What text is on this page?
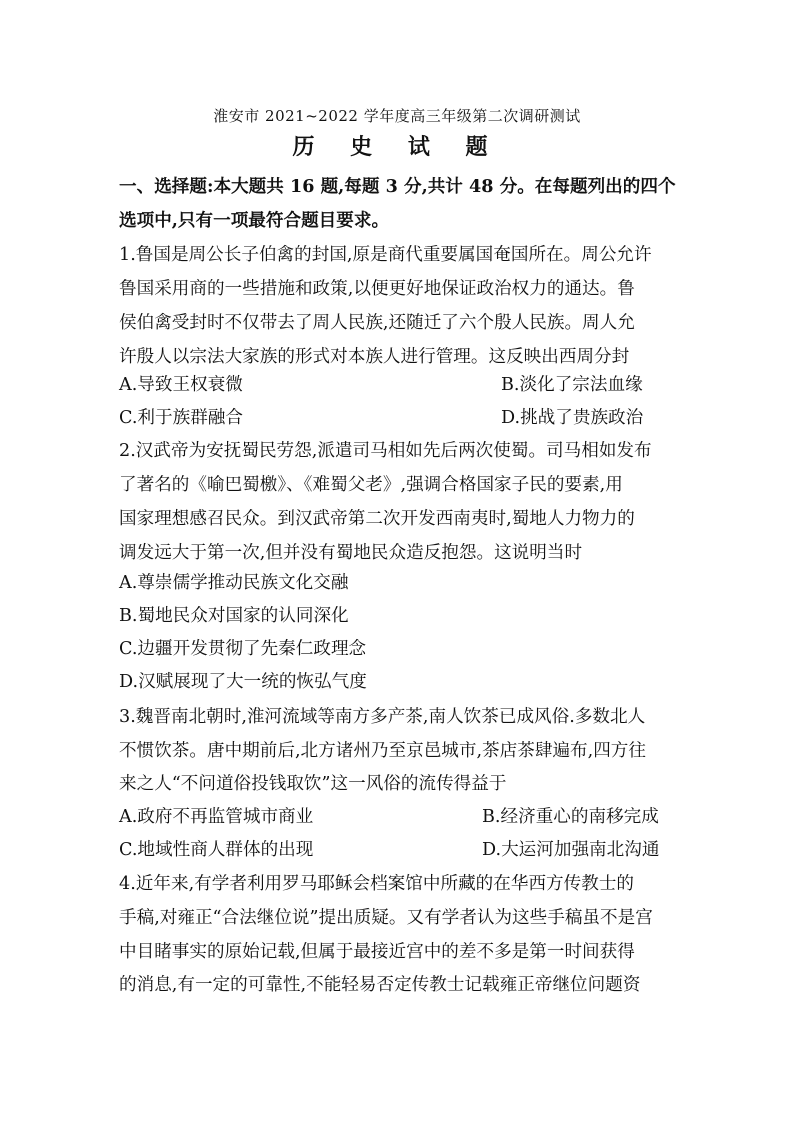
淮安市 2021~2022 学年度高三年级第二次调研测试
历 史 试 题
一、选择题:本大题共 16 题,每题 3 分,共计 48 分。在每题列出的四个
选项中,只有一项最符合题目要求。
1.鲁国是周公长子伯禽的封国,原是商代重要属国奄国所在。周公允许
鲁国采用商的一些措施和政策,以便更好地保证政治权力的通达。鲁
侯伯禽受封时不仅带去了周人民族,还随迁了六个殷人民族。周人允
许殷人以宗法大家族的形式对本族人进行管理。这反映出西周分封
A.导致王权衰微	B.淡化了宗法血缘
C.利于族群融合	D.挑战了贵族政治
2.汉武帝为安抚蜀民劳怨,派遣司马相如先后两次使蜀。司马相如发布
了著名的《喻巴蜀檄》、《难蜀父老》,强调合格国家子民的要素,用
国家理想感召民众。到汉武帝第二次开发西南夷时,蜀地人力物力的
调发远大于第一次,但并没有蜀地民众造反抱怨。这说明当时
A.尊崇儒学推动民族文化交融
B.蜀地民众对国家的认同深化
C.边疆开发贯彻了先秦仁政理念
D.汉赋展现了大一统的恢弘气度
3.魏晋南北朝时,淮河流域等南方多产茶,南人饮茶已成风俗.多数北人
不惯饮茶。唐中期前后,北方诸州乃至京邑城市,茶店茶肆遍布,四方往
来之人“不问道俗投钱取饮”这一风俗的流传得益于
A.政府不再监管城市商业	B.经济重心的南移完成
C.地域性商人群体的出现	D.大运河加强南北沟通
4.近年来,有学者利用罗马耶稣会档案馆中所藏的在华西方传教士的
手稿,对雍正“合法继位说”提出质疑。又有学者认为这些手稿虽不是宫
中目睹事实的原始记载,但属于最接近宫中的差不多是第一时间获得
的消息,有一定的可靠性,不能轻易否定传教士记载雍正帝继位问题资
